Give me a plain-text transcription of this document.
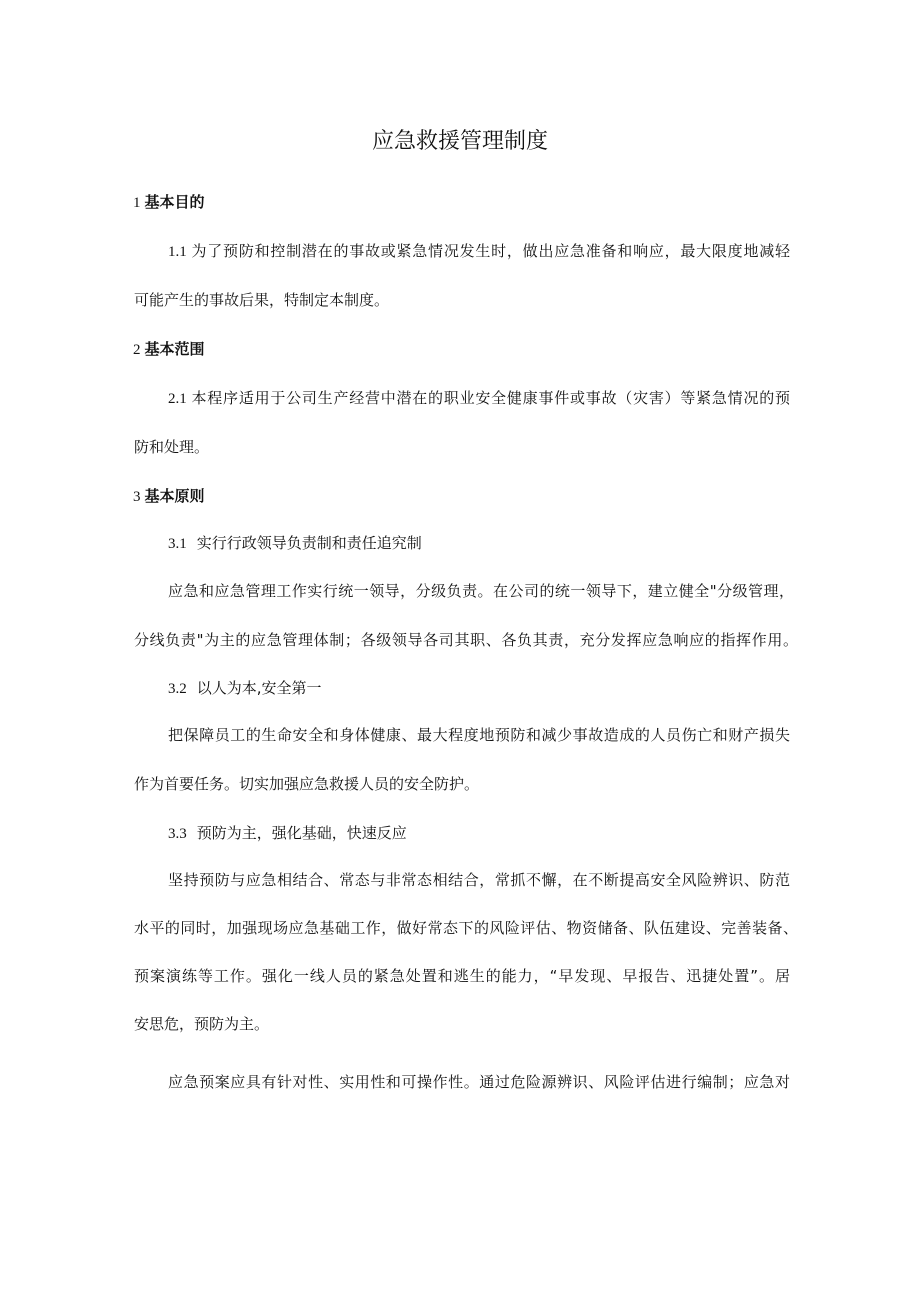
应急救援管理制度

1 基本目的

1.1 为了预防和控制潜在的事故或紧急情况发生时，做出应急准备和响应，最大限度地减轻

可能产生的事故后果，特制定本制度。

2 基本范围

2.1 本程序适用于公司生产经营中潜在的职业安全健康事件或事故（灾害）等紧急情况的预

防和处理。

3 基本原则

3.1 实行行政领导负责制和责任追究制

应急和应急管理工作实行统一领导，分级负责。在公司的统一领导下，建立健全"分级管理，

分线负责"为主的应急管理体制；各级领导各司其职、各负其责，充分发挥应急响应的指挥作用。

3.2 以人为本,安全第一

把保障员工的生命安全和身体健康、最大程度地预防和减少事故造成的人员伤亡和财产损失

作为首要任务。切实加强应急救援人员的安全防护。

3.3 预防为主，强化基础，快速反应

坚持预防与应急相结合、常态与非常态相结合，常抓不懈，在不断提高安全风险辨识、防范

水平的同时，加强现场应急基础工作，做好常态下的风险评估、物资储备、队伍建设、完善装备、

预案演练等工作。强化一线人员的紧急处置和逃生的能力，“早发现、早报告、迅捷处置”。居

安思危，预防为主。

应急预案应具有针对性、实用性和可操作性。通过危险源辨识、风险评估进行编制；应急对
